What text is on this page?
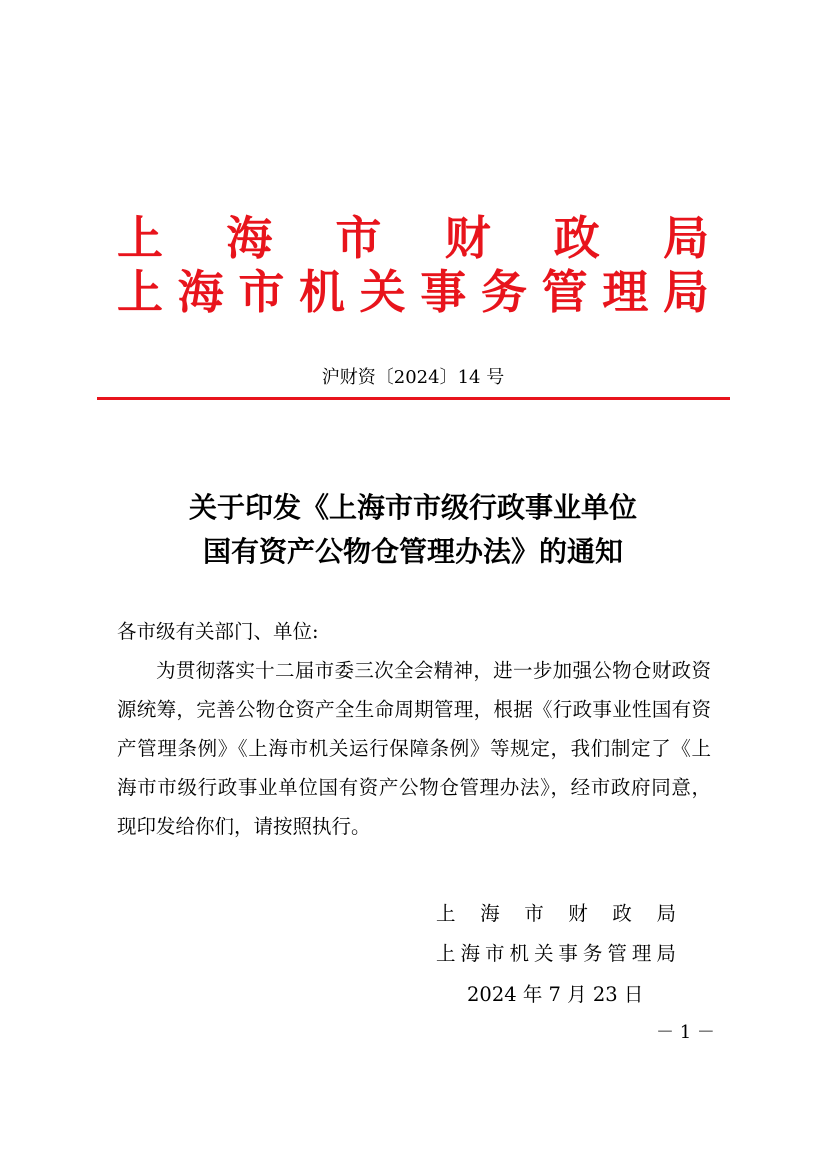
上 海 市 财 政 局
上 海 市 机 关 事 务 管 理 局
沪财资〔2024〕14 号
关于印发《上海市市级行政事业单位
国有资产公物仓管理办法》的通知
各市级有关部门、单位:
为贯彻落实十二届市委三次全会精神，进一步加强公物仓财政资源统筹，完善公物仓资产全生命周期管理，根据《行政事业性国有资产管理条例》《上海市机关运行保障条例》等规定，我们制定了《上海市市级行政事业单位国有资产公物仓管理办法》，经市政府同意，现印发给你们，请按照执行。
上 海 市 财 政 局
上 海 市 机 关 事 务 管 理 局
2024 年 7 月 23 日
－ 1 －
